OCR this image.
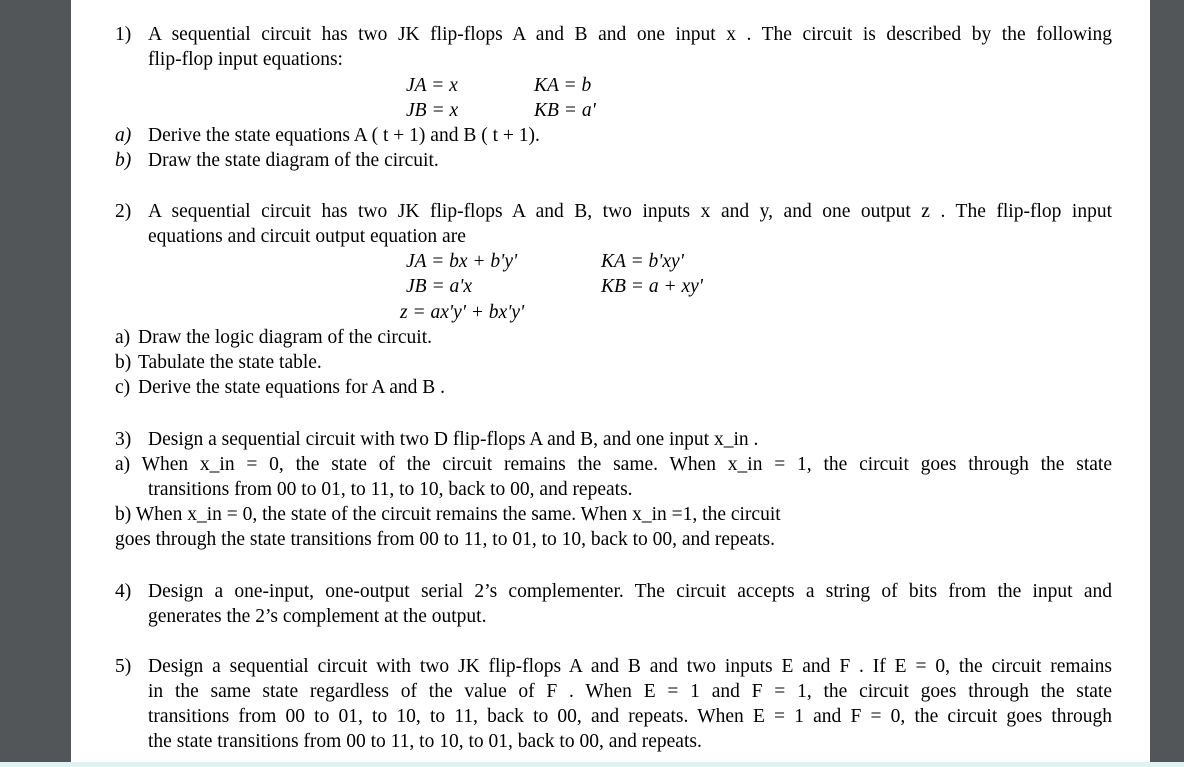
1) A sequential circuit has two JK flip-flops A and B and one input x . The circuit is described by the following
flip-flop input equations:
JA = x	KA = b
JB = x	KB = a'
a) Derive the state equations A ( t + 1) and B ( t + 1).
b) Draw the state diagram of the circuit.
2) A sequential circuit has two JK flip-flops A and B, two inputs x and y, and one output z . The flip-flop input
equations and circuit output equation are
JA = bx + b'y'	KA = b'xy'
JB = a'x	KB = a + xy'
z = ax'y' + bx'y'
a) Draw the logic diagram of the circuit.
b) Tabulate the state table.
c) Derive the state equations for A and B .
3) Design a sequential circuit with two D flip-flops A and B, and one input x_in .
a) When x_in = 0, the state of the circuit remains the same. When x_in = 1, the circuit goes through the state
transitions from 00 to 01, to 11, to 10, back to 00, and repeats.
b) When x_in = 0, the state of the circuit remains the same. When x_in =1, the circuit
goes through the state transitions from 00 to 11, to 01, to 10, back to 00, and repeats.
4) Design a one-input, one-output serial 2’s complementer. The circuit accepts a string of bits from the input and
generates the 2’s complement at the output.
5) Design a sequential circuit with two JK flip-flops A and B and two inputs E and F . If E = 0, the circuit remains
in the same state regardless of the value of F . When E = 1 and F = 1, the circuit goes through the state
transitions from 00 to 01, to 10, to 11, back to 00, and repeats. When E = 1 and F = 0, the circuit goes through
the state transitions from 00 to 11, to 10, to 01, back to 00, and repeats.
